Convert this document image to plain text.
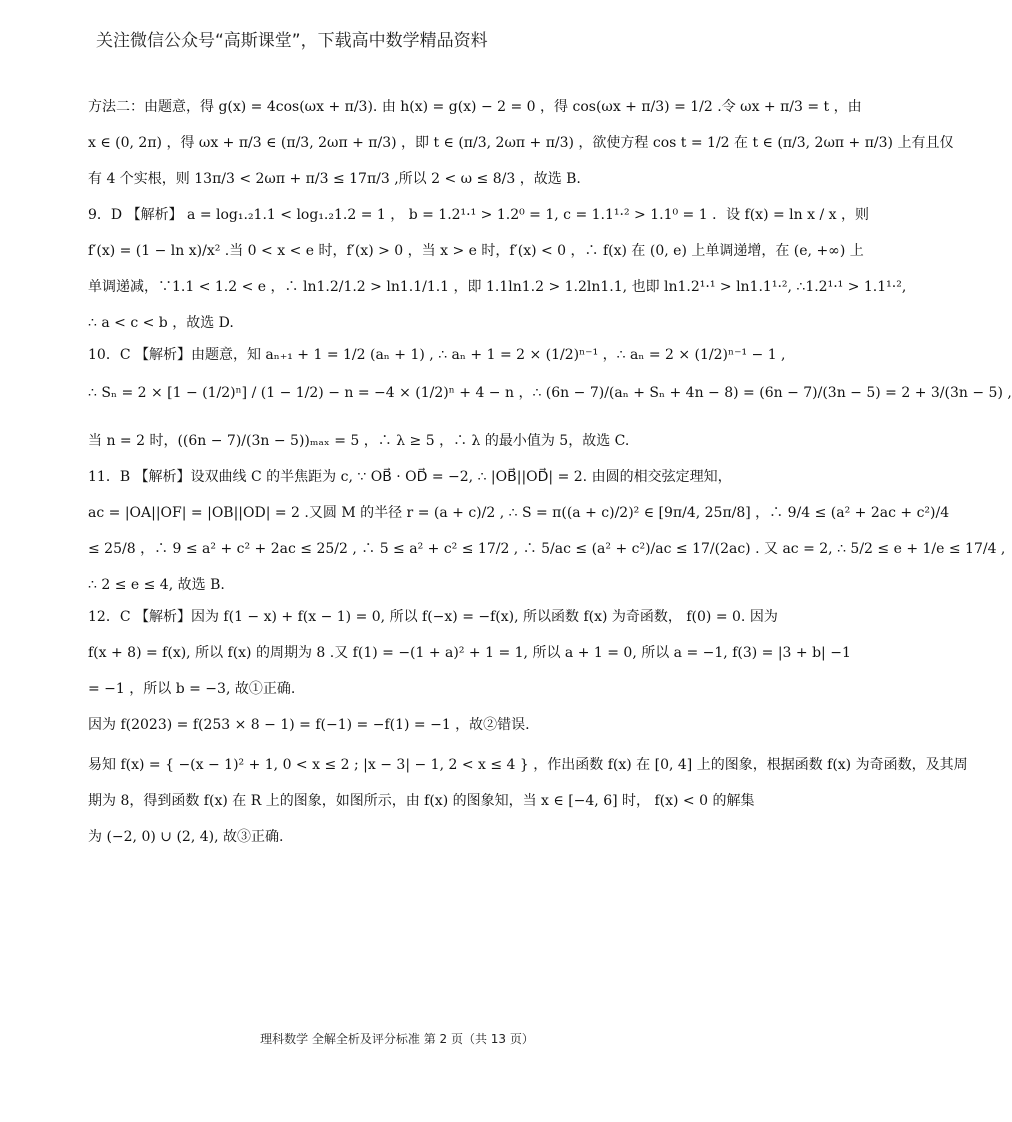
关注微信公众号“高斯课堂”，下载高中数学精品资料
方法二：由题意，得 g(x) = 4cos(ωx + π/3). 由 h(x) = g(x) − 2 = 0 ，得 cos(ωx + π/3) = 1/2 .令 ωx + π/3 = t ，由
x ∈ (0, 2π) ，得 ωx + π/3 ∈ (π/3, 2ωπ + π/3) ，即 t ∈ (π/3, 2ωπ + π/3) ，欲使方程 cos t = 1/2 在 t ∈ (π/3, 2ωπ + π/3) 上有且仅
有 4 个实根，则 13π/3 < 2ωπ + π/3 ≤ 17π/3 ,所以 2 < ω ≤ 8/3 ，故选 B.
9．D 【解析】 a = log₁.₂1.1 < log₁.₂1.2 = 1 ， b = 1.2¹·¹ > 1.2⁰ = 1, c = 1.1¹·² > 1.1⁰ = 1 ．设 f(x) = ln x / x ，则
f′(x) = (1 − ln x)/x² .当 0 < x < e 时，f′(x) > 0 ，当 x > e 时，f′(x) < 0 ，∴ f(x) 在 (0, e) 上单调递增，在 (e, +∞) 上
单调递减，∵1.1 < 1.2 < e ，∴ ln1.2/1.2 > ln1.1/1.1 ，即 1.1ln1.2 > 1.2ln1.1, 也即 ln1.2¹·¹ > ln1.1¹·², ∴1.2¹·¹ > 1.1¹·²,
∴ a < c < b ，故选 D.
10．C 【解析】由题意，知 aₙ₊₁ + 1 = 1/2 (aₙ + 1) , ∴ aₙ + 1 = 2 × (1/2)ⁿ⁻¹ ，∴ aₙ = 2 × (1/2)ⁿ⁻¹ − 1 ,
∴ Sₙ = 2 × [1 − (1/2)ⁿ] / (1 − 1/2) − n = −4 × (1/2)ⁿ + 4 − n ，∴ (6n − 7)/(aₙ + Sₙ + 4n − 8) = (6n − 7)/(3n − 5) = 2 + 3/(3n − 5) ,
当 n = 2 时，((6n − 7)/(3n − 5))ₘₐₓ = 5 ，∴ λ ≥ 5 ，∴ λ 的最小值为 5，故选 C.
11．B 【解析】设双曲线 C 的半焦距为 c, ∵ OB⃗ · OD⃗ = −2, ∴ |OB⃗||OD⃗| = 2. 由圆的相交弦定理知，
ac = |OA||OF| = |OB||OD| = 2 .又圆 M 的半径 r = (a + c)/2 , ∴ S = π((a + c)/2)² ∈ [9π/4, 25π/8] ，∴ 9/4 ≤ (a² + 2ac + c²)/4
≤ 25/8 ，∴ 9 ≤ a² + c² + 2ac ≤ 25/2 , ∴ 5 ≤ a² + c² ≤ 17/2 , ∴ 5/ac ≤ (a² + c²)/ac ≤ 17/(2ac) . 又 ac = 2, ∴ 5/2 ≤ e + 1/e ≤ 17/4 ,
∴ 2 ≤ e ≤ 4, 故选 B.
12．C 【解析】因为 f(1 − x) + f(x − 1) = 0, 所以 f(−x) = −f(x), 所以函数 f(x) 为奇函数， f(0) = 0. 因为
f(x + 8) = f(x), 所以 f(x) 的周期为 8 .又 f(1) = −(1 + a)² + 1 = 1, 所以 a + 1 = 0, 所以 a = −1, f(3) = |3 + b| −1
= −1 ，所以 b = −3, 故①正确.
因为 f(2023) = f(253 × 8 − 1) = f(−1) = −f(1) = −1 ，故②错误.
易知 f(x) = { −(x − 1)² + 1, 0 < x ≤ 2 ; |x − 3| − 1, 2 < x ≤ 4 } ，作出函数 f(x) 在 [0, 4] 上的图象，根据函数 f(x) 为奇函数，及其周
期为 8，得到函数 f(x) 在 R 上的图象，如图所示，由 f(x) 的图象知，当 x ∈ [−4, 6] 时， f(x) < 0 的解集
为 (−2, 0) ∪ (2, 4), 故③正确.
理科数学 全解全析及评分标准 第 2 页（共 13 页）
